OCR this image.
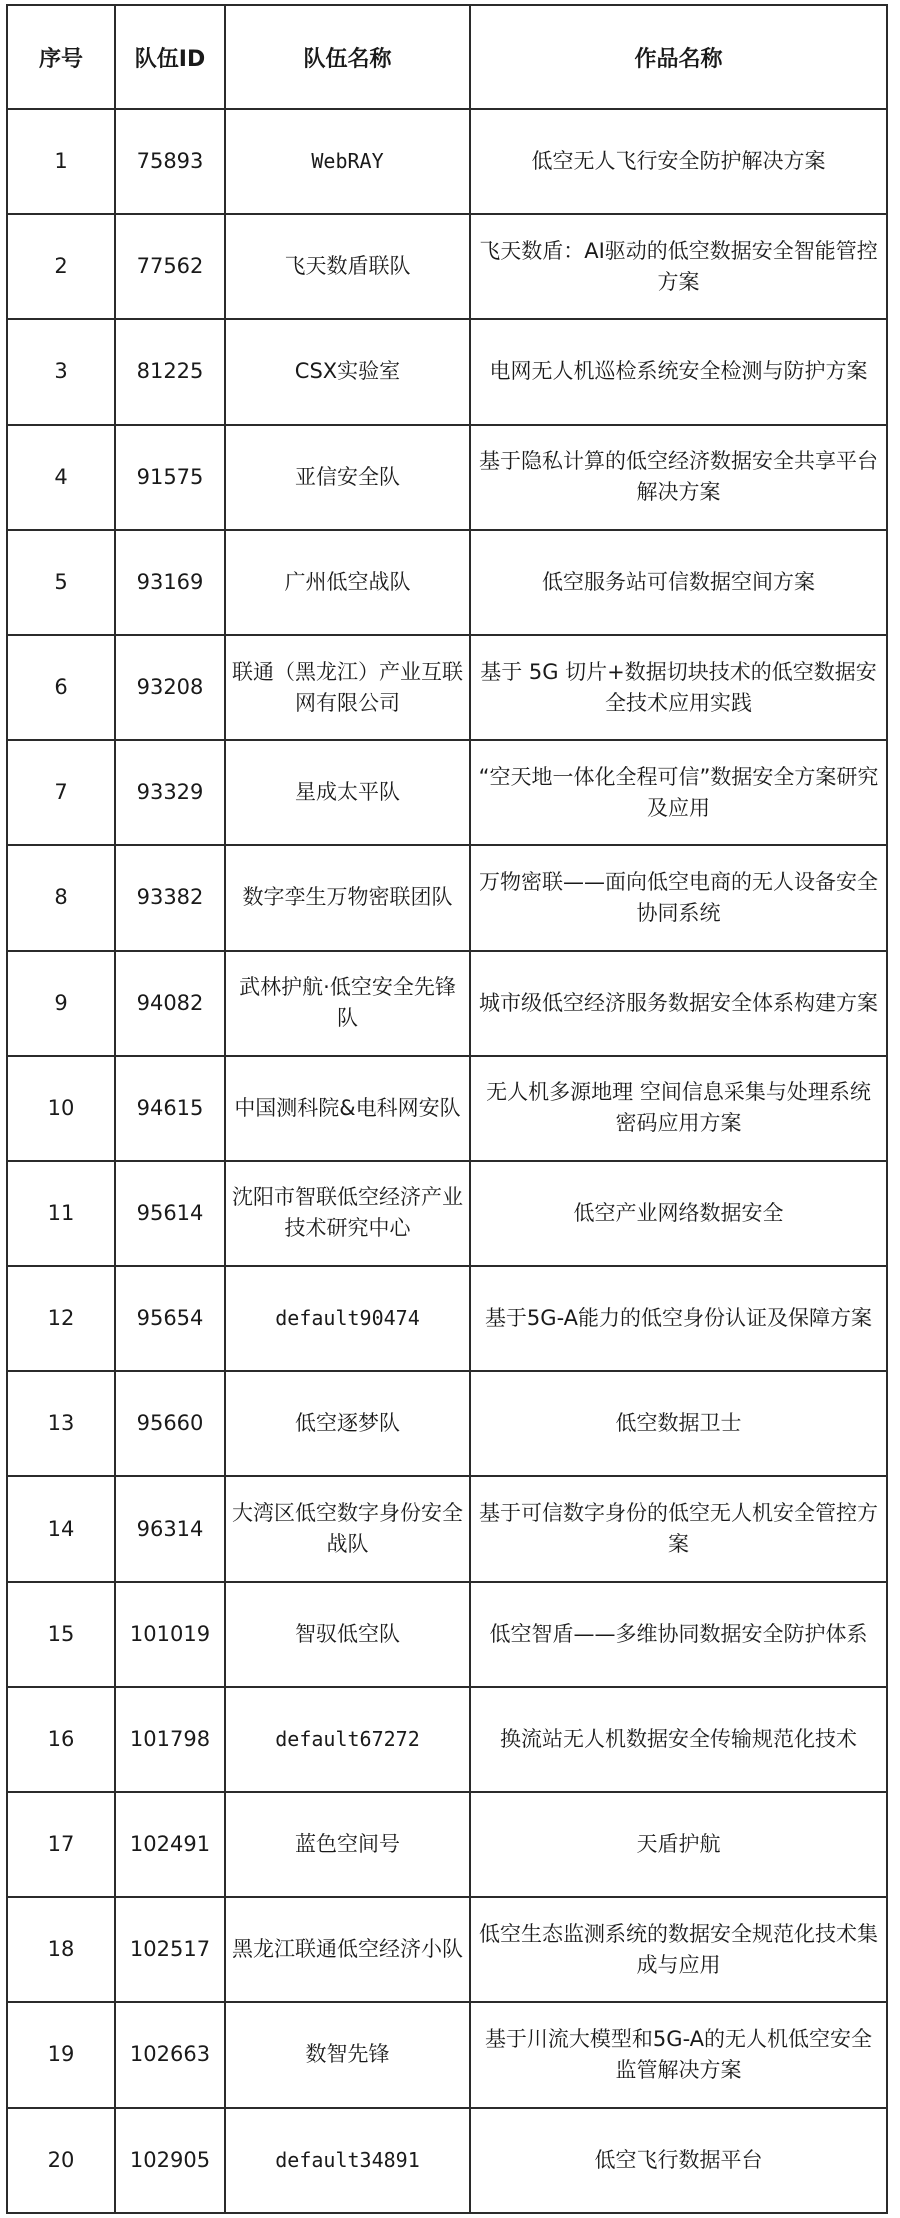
序号	队伍ID	队伍名称	作品名称
1	75893	WebRAY	低空无人飞行安全防护解决方案
2	77562	飞天数盾联队	飞天数盾：AI驱动的低空数据安全智能管控方案
3	81225	CSX实验室	电网无人机巡检系统安全检测与防护方案
4	91575	亚信安全队	基于隐私计算的低空经济数据安全共享平台解决方案
5	93169	广州低空战队	低空服务站可信数据空间方案
6	93208	联通（黑龙江）产业互联网有限公司	基于 5G 切片+数据切块技术的低空数据安全技术应用实践
7	93329	星成太平队	“空天地一体化全程可信”数据安全方案研究及应用
8	93382	数字孪生万物密联团队	万物密联——面向低空电商的无人设备安全协同系统
9	94082	武林护航·低空安全先锋队	城市级低空经济服务数据安全体系构建方案
10	94615	中国测科院&电科网安队	无人机多源地理 空间信息采集与处理系统密码应用方案
11	95614	沈阳市智联低空经济产业技术研究中心	低空产业网络数据安全
12	95654	default90474	基于5G-A能力的低空身份认证及保障方案
13	95660	低空逐梦队	低空数据卫士
14	96314	大湾区低空数字身份安全战队	基于可信数字身份的低空无人机安全管控方案
15	101019	智驭低空队	低空智盾——多维协同数据安全防护体系
16	101798	default67272	换流站无人机数据安全传输规范化技术
17	102491	蓝色空间号	天盾护航
18	102517	黑龙江联通低空经济小队	低空生态监测系统的数据安全规范化技术集成与应用
19	102663	数智先锋	基于川流大模型和5G-A的无人机低空安全监管解决方案
20	102905	default34891	低空飞行数据平台
